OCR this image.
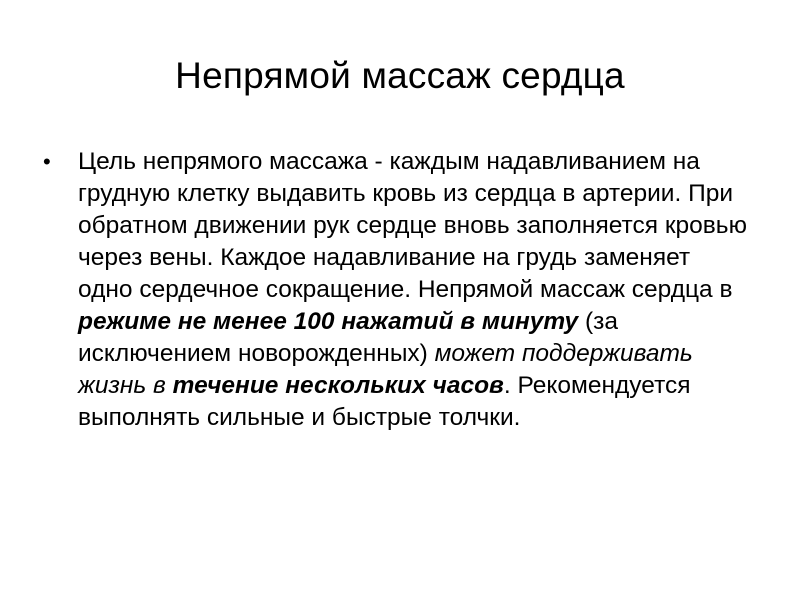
Непрямой массаж сердца
• Цель непрямого массажа - каждым надавливанием на грудную клетку выдавить кровь из сердца в артерии. При обратном движении рук сердце вновь заполняется кровью через вены. Каждое надавливание на грудь заменяет одно сердечное сокращение. Непрямой массаж сердца в режиме не менее 100 нажатий в минуту (за исключением новорожденных) может поддерживать жизнь в течение нескольких часов. Рекомендуется выполнять сильные и быстрые толчки.
